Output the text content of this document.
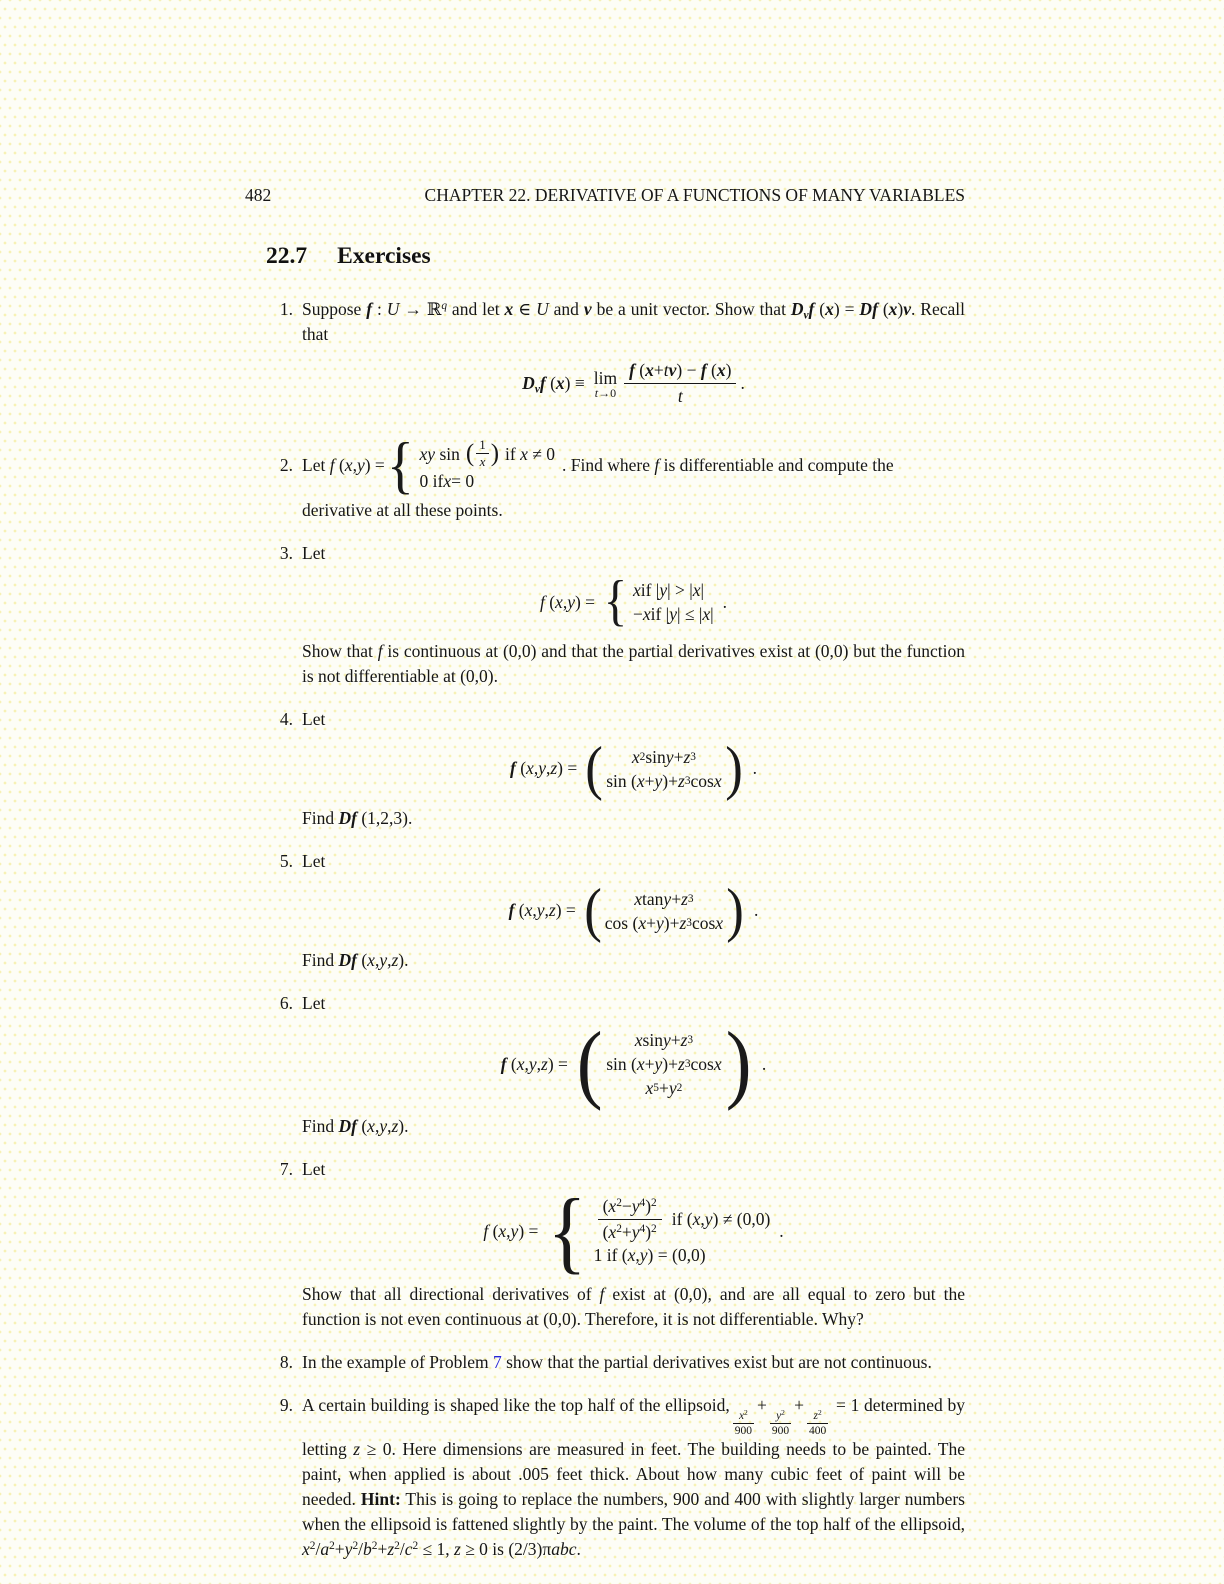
482	CHAPTER 22. DERIVATIVE OF A FUNCTIONS OF MANY VARIABLES
22.7 Exercises
1. Suppose f : U → ℝ$^q$ and let x ∈ U and v be a unit vector. Show that Dvf (x) = Df (x)v. Recall that

Dvf (x) ≡ lim
$t\to 0 \frac{f (x+tv) - f (x)}{t}$ .
2. Let f (x,y) = { xy sin ( $\frac{1}{x}$ ) if x ≠ 0
0 if x = 0
. Find where f is differentiable and compute the

derivative at all these points.

3. Let

f (x,y) = { x if | y | > | x |
− x if | y | ≤ | x |
.

Show that f is continuous at (0,0) and that the partial derivatives exist at (0,0) but the function is not differentiable at (0,0).

4. Let

f (x,y,z) = ( x 2 sin y + z 3
sin ( x + y )+ z 3 cos x ) .

Find Df (1,2,3).

5. Let

f (x,y,z) = ( x tan y + z 3
cos ( x + y )+ z 3 cos x ) .

Find Df (x,y,z).

6. Let

f (x,y,z) = ( x sin y + z 3
sin ( x + y )+ z 3 cos x
x 5 + y 2 ) .

Find Df (x,y,z).

7. Let

f (x,y) = { $\frac{(x^2-y^4)^2}{(x^2+y^4)^2}$ if (x,y) ≠ (0,0)
1 if ( x , y ) = (0,0)
.

Show that all directional derivatives of f exist at (0,0), and are all equal to zero but the function is not even continuous at (0,0). Therefore, it is not differentiable. Why?

8. In the example of Problem 7 show that the partial derivatives exist but are not continuous.

9. A certain building is shaped like the top half of the ellipsoid,
$\frac{x^2}{900}$
+
$\frac{y^2}{900}$
+
$\frac{z^2}{400}$
= 1 determined by letting z ≥ 0. Here dimensions are measured in feet. The building needs to be painted. The paint, when applied is about .005 feet thick. About how many cubic feet of paint will be needed. Hint: This is going to replace the numbers, 900 and 400 with slightly larger numbers when the ellipsoid is fattened slightly by the paint. The volume of the top half of the ellipsoid, $x^2/a^2+y^2/b^2+z^2/c^2 \le 1$, z ≥ 0 is (2/3)πabc.
